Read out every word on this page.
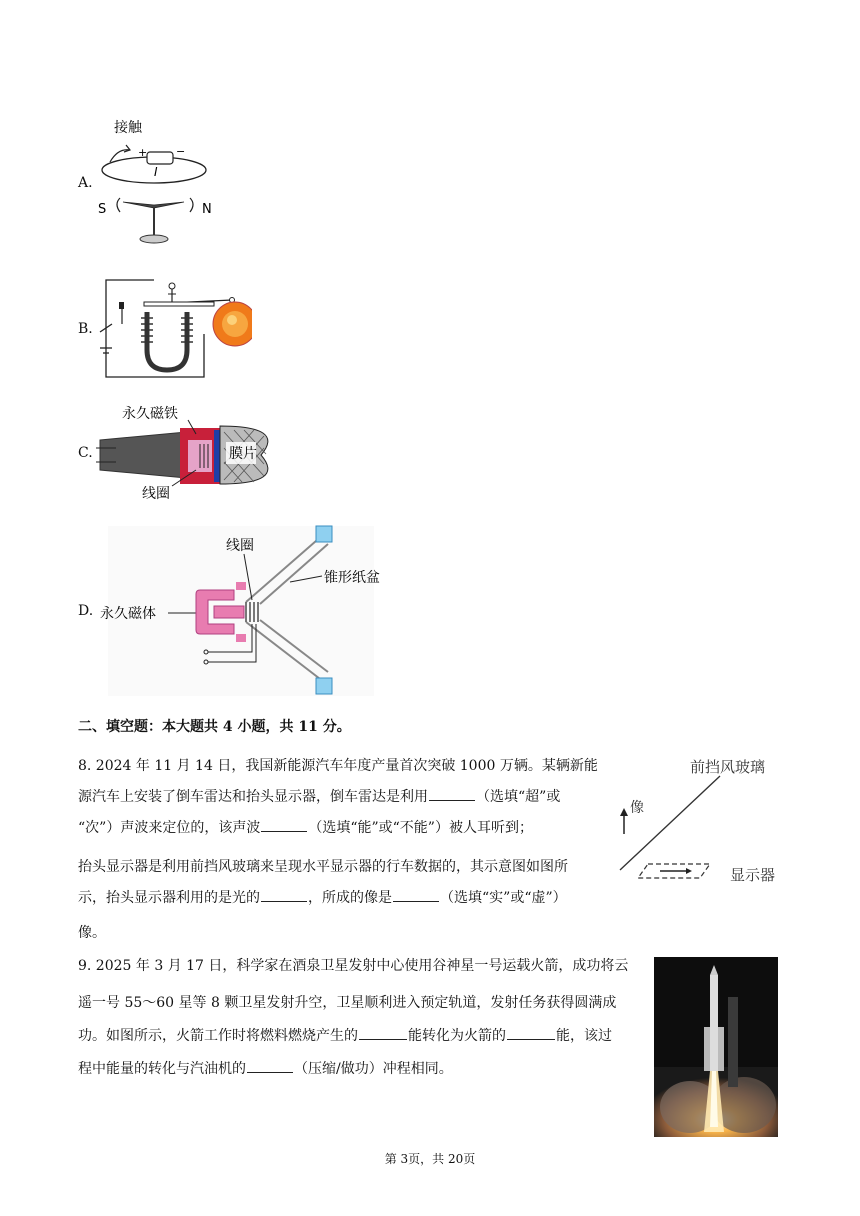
A.
接触
+	−
I
S	N
B.
C.	膜片
永久磁铁
线圈
D. 永久磁体
线圈
锥形纸盆
二、填空题：本大题共 4 小题，共 11 分。
8. 2024 年 11 月 14 日，我国新能源汽车年度产量首次突破 1000 万辆。某辆新能
源汽车上安装了倒车雷达和抬头显示器，倒车雷达是利用	（选填“超”或
“次”）声波来定位的，该声波	（选填“能”或“不能”）被人耳听到；
抬头显示器是利用前挡风玻璃来呈现水平显示器的行车数据的，其示意图如图所
示，抬头显示器利用的是光的	，所成的像是	（选填“实”或“虚”）
像。
前挡风玻璃
像
显示器
9. 2025 年 3 月 17 日，科学家在酒泉卫星发射中心使用谷神星一号运载火箭，成功将云
遥一号 55～60 星等 8 颗卫星发射升空，卫星顺利进入预定轨道，发射任务获得圆满成
功。如图所示，火箭工作时将燃料燃烧产生的	能转化为火箭的	能，该过
程中能量的转化与汽油机的	（压缩/做功）冲程相同。
第 3页，共 20页
